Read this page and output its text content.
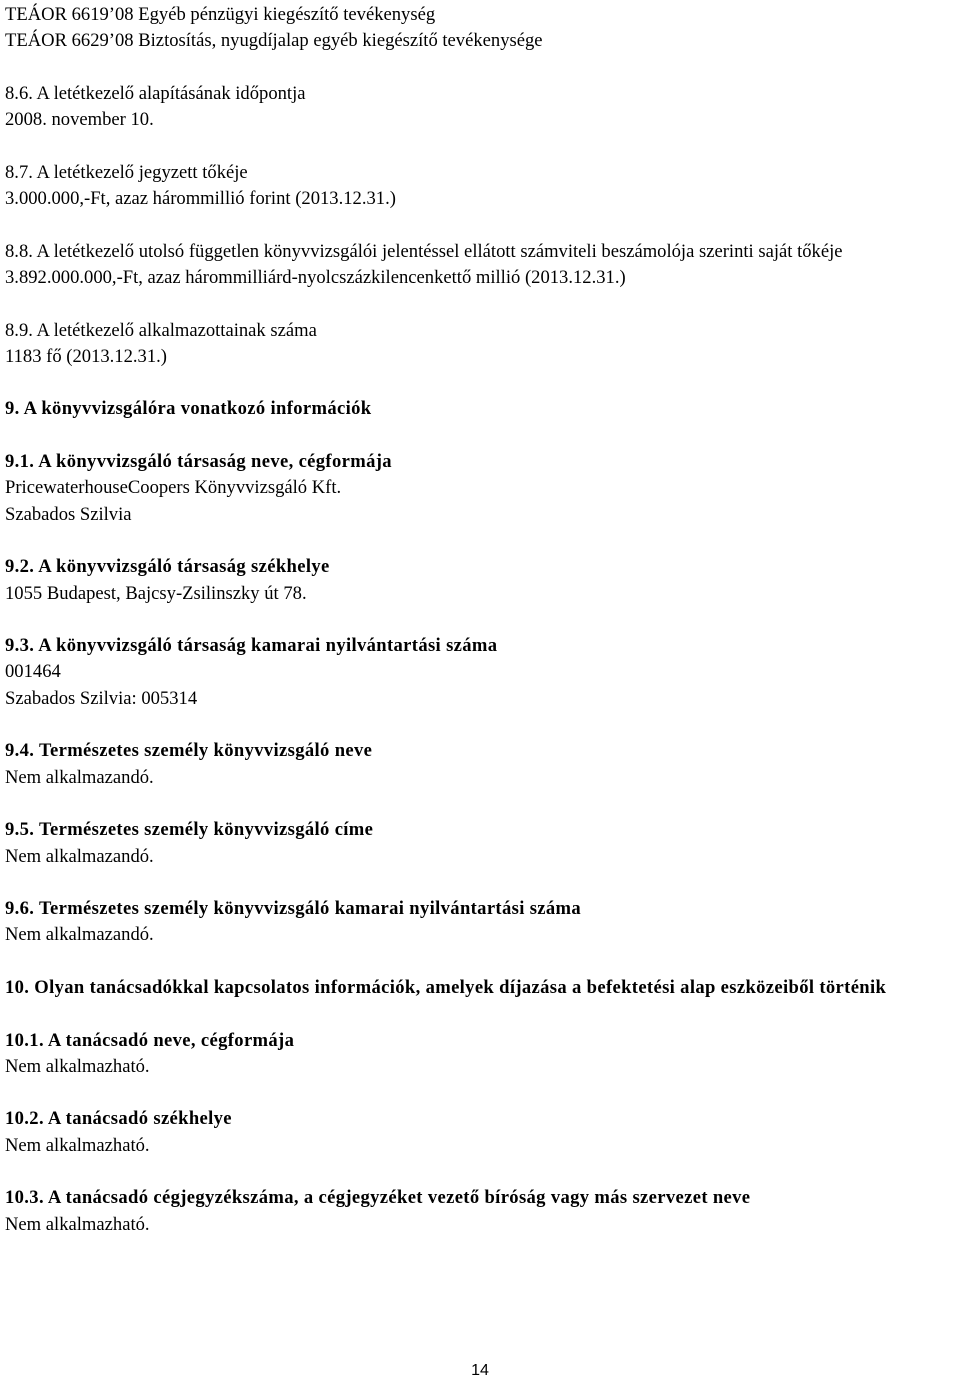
TEÁOR 6619’08 Egyéb pénzügyi kiegészítő tevékenység
TEÁOR 6629’08 Biztosítás, nyugdíjalap egyéb kiegészítő tevékenysége
8.6. A letétkezelő alapításának időpontja
2008. november 10.
8.7. A letétkezelő jegyzett tőkéje
3.000.000,-Ft, azaz hárommillió forint (2013.12.31.)
8.8. A letétkezelő utolsó független könyvvizsgálói jelentéssel ellátott számviteli beszámolója szerinti saját tőkéje
3.892.000.000,-Ft, azaz hárommilliárd-nyolcszázkilencenkettő millió (2013.12.31.)
8.9. A letétkezelő alkalmazottainak száma
1183 fő (2013.12.31.)
9. A könyvvizsgálóra vonatkozó információk
9.1. A könyvvizsgáló társaság neve, cégformája
PricewaterhouseCoopers Könyvvizsgáló Kft.
Szabados Szilvia
9.2. A könyvvizsgáló társaság székhelye
1055 Budapest, Bajcsy-Zsilinszky út 78.
9.3. A könyvvizsgáló társaság kamarai nyilvántartási száma
001464
Szabados Szilvia: 005314
9.4. Természetes személy könyvvizsgáló neve
Nem alkalmazandó.
9.5. Természetes személy könyvvizsgáló címe
Nem alkalmazandó.
9.6. Természetes személy könyvvizsgáló kamarai nyilvántartási száma
Nem alkalmazandó.
10. Olyan tanácsadókkal kapcsolatos információk, amelyek díjazása a befektetési alap eszközeiből történik
10.1. A tanácsadó neve, cégformája
Nem alkalmazható.
10.2. A tanácsadó székhelye
Nem alkalmazható.
10.3. A tanácsadó cégjegyzékszáma, a cégjegyzéket vezető bíróság vagy más szervezet neve
Nem alkalmazható.
14
